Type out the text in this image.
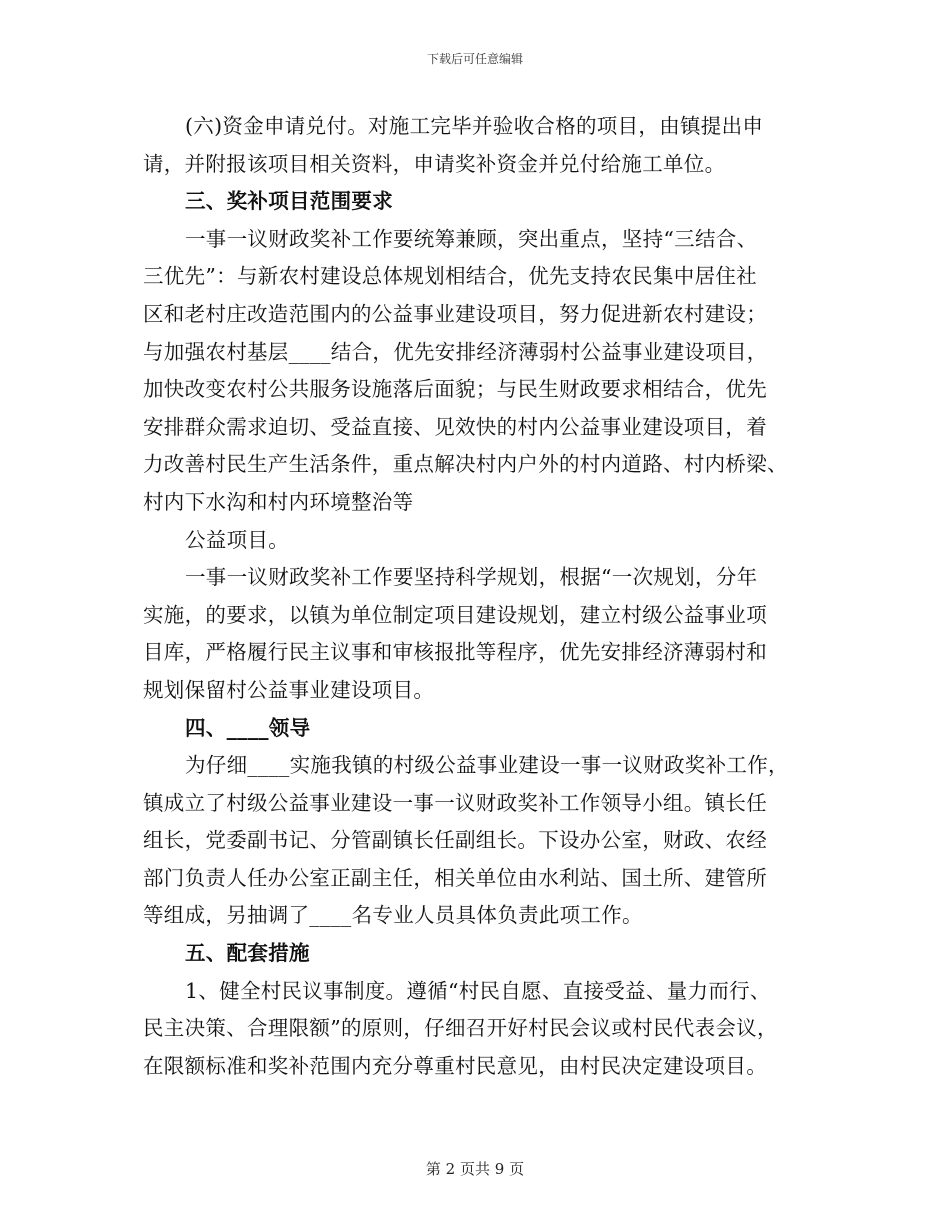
下载后可任意编辑
(六)资金申请兑付。对施工完毕并验收合格的项目，由镇提出申
请，并附报该项目相关资料，申请奖补资金并兑付给施工单位。
三、奖补项目范围要求
一事一议财政奖补工作要统筹兼顾，突出重点，坚持“三结合、
三优先”：与新农村建设总体规划相结合，优先支持农民集中居住社
区和老村庄改造范围内的公益事业建设项目，努力促进新农村建设；
与加强农村基层____结合，优先安排经济薄弱村公益事业建设项目，
加快改变农村公共服务设施落后面貌；与民生财政要求相结合，优先
安排群众需求迫切、受益直接、见效快的村内公益事业建设项目，着
力改善村民生产生活条件，重点解决村内户外的村内道路、村内桥梁、
村内下水沟和村内环境整治等
公益项目。
一事一议财政奖补工作要坚持科学规划，根据“一次规划，分年
实施，的要求，以镇为单位制定项目建设规划，建立村级公益事业项
目库，严格履行民主议事和审核报批等程序，优先安排经济薄弱村和
规划保留村公益事业建设项目。
四、____领导
为仔细____实施我镇的村级公益事业建设一事一议财政奖补工作，
镇成立了村级公益事业建设一事一议财政奖补工作领导小组。镇长任
组长，党委副书记、分管副镇长任副组长。下设办公室，财政、农经
部门负责人任办公室正副主任，相关单位由水利站、国土所、建管所
等组成，另抽调了____名专业人员具体负责此项工作。
五、配套措施
1、健全村民议事制度。遵循“村民自愿、直接受益、量力而行、
民主决策、合理限额”的原则，仔细召开好村民会议或村民代表会议，
在限额标准和奖补范围内充分尊重村民意见，由村民决定建设项目。
第 2 页共 9 页
